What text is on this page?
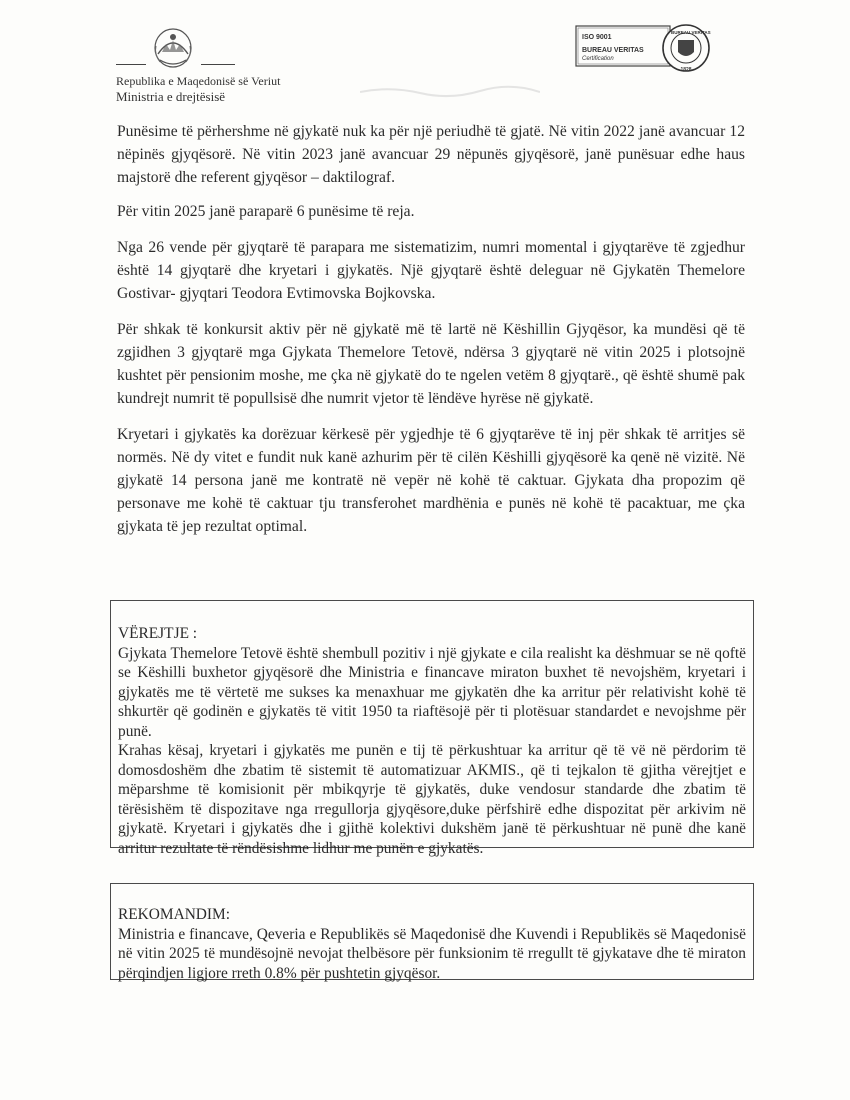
Republika e Maqedonisë së Veriut
Ministria e drejtësisë
ISO 9001
BUREAU VERITAS
Certification
1828
BUREAU VERITAS

Punësime të përhershme në gjykatë nuk ka për një periudhë të gjatë. Në vitin 2022 janë avancuar 12 nëpinës gjyqësorë. Në vitin 2023 janë avancuar 29 nëpunës gjyqësorë, janë punësuar edhe haus majstorë dhe referent gjyqësor – daktilograf.

Për vitin 2025 janë paraparë 6 punësime të reja.

Nga 26 vende për gjyqtarë të parapara me sistematizim, numri momental i gjyqtarëve të zgjedhur është 14 gjyqtarë dhe kryetari i gjykatës. Një gjyqtarë është deleguar në Gjykatën Themelore Gostivar- gjyqtari Teodora Evtimovska Bojkovska.

Për shkak të konkursit aktiv për në gjykatë më të lartë në Këshillin Gjyqësor, ka mundësi që të zgjidhen 3 gjyqtarë mga Gjykata Themelore Tetovë, ndërsa 3 gjyqtarë në vitin 2025 i plotsojnë kushtet për pensionim moshe, me çka në gjykatë do te ngelen vetëm 8 gjyqtarë., që është shumë pak kundrejt numrit të popullsisë dhe numrit vjetor të lëndëve hyrëse në gjykatë.

Kryetari i gjykatës ka dorëzuar kërkesë për ygjedhje të 6 gjyqtarëve të inj për shkak të arritjes së normës. Në dy vitet e fundit nuk kanë azhurim për të cilën Këshilli gjyqësorë ka qenë në vizitë. Në gjykatë 14 persona janë me kontratë në vepër në kohë të caktuar. Gjykata dha propozim që personave me kohë të caktuar tju transferohet mardhënia e punës në kohë të pacaktuar, me çka gjykata të jep rezultat optimal.

VËREJTJE :
Gjykata Themelore Tetovë është shembull pozitiv i një gjykate e cila realisht ka dëshmuar se në qoftë se Këshilli buxhetor gjyqësorë dhe Ministria e financave miraton buxhet të nevojshëm, kryetari i gjykatës me të vërtetë me sukses ka menaxhuar me gjykatën dhe ka arritur për relativisht kohë të shkurtër që godinën e gjykatës të vitit 1950 ta riaftësojë për ti plotësuar standardet e nevojshme për punë.
Krahas kësaj, kryetari i gjykatës me punën e tij të përkushtuar ka arritur që të vë në përdorim të domosdoshëm dhe zbatim të sistemit të automatizuar AKMIS., që ti tejkalon të gjitha vërejtjet e mëparshme të komisionit për mbikqyrje të gjykatës, duke vendosur standarde dhe zbatim të tërësishëm të dispozitave nga rregullorja gjyqësore,duke përfshirë edhe dispozitat për arkivim në gjykatë. Kryetari i gjykatës dhe i gjithë kolektivi dukshëm janë të përkushtuar në punë dhe kanë arritur rezultate të rëndësishme lidhur me punën e gjykatës.
REKOMANDIM:
Ministria e financave, Qeveria e Republikës së Maqedonisë dhe Kuvendi i Republikës së Maqedonisë në vitin 2025 të mundësojnë nevojat thelbësore për funksionim të rregullt të gjykatave dhe të miraton përqindjen ligjore rreth 0.8% për pushtetin gjyqësor.
